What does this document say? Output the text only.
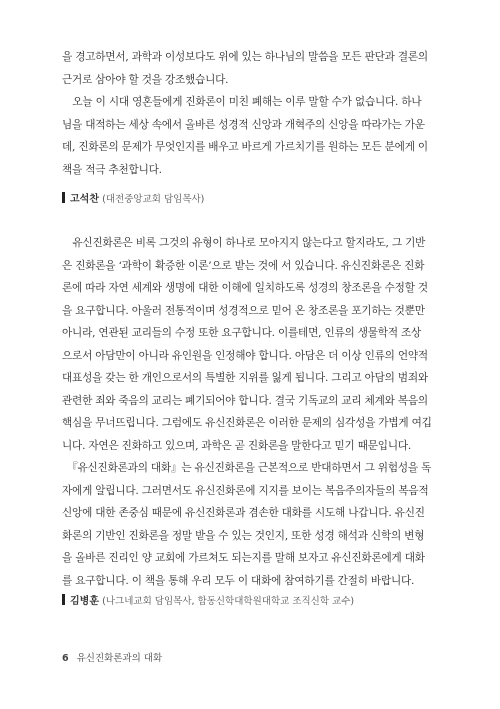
을 경고하면서, 과학과 이성보다도 위에 있는 하나님의 말씀을 모든 판단과 결론의
근거로 삼아야 할 것을 강조했습니다.
　오늘 이 시대 영혼들에게 진화론이 미친 폐해는 이루 말할 수가 없습니다. 하나
님을 대적하는 세상 속에서 올바른 성경적 신앙과 개혁주의 신앙을 따라가는 가운
데, 진화론의 문제가 무엇인지를 배우고 바르게 가르치기를 원하는 모든 분에게 이
책을 적극 추천합니다.
고석찬 (대전중앙교회 담임목사)
　유신진화론은 비록 그것의 유형이 하나로 모아지지 않는다고 할지라도, 그 기반
은 진화론을 ‘과학이 확증한 이론’으로 받는 것에 서 있습니다. 유신진화론은 진화
론에 따라 자연 세계와 생명에 대한 이해에 일치하도록 성경의 창조론을 수정할 것
을 요구합니다. 아울러 전통적이며 성경적으로 믿어 온 창조론을 포기하는 것뿐만
아니라, 연관된 교리들의 수정 또한 요구합니다. 이를테면, 인류의 생물학적 조상
으로서 아담만이 아니라 유인원을 인정해야 합니다. 아담은 더 이상 인류의 언약적
대표성을 갖는 한 개인으로서의 특별한 지위를 잃게 됩니다. 그리고 아담의 범죄와
관련한 죄와 죽음의 교리는 폐기되어야 합니다. 결국 기독교의 교리 체계와 복음의
핵심을 무너뜨립니다. 그럼에도 유신진화론은 이러한 문제의 심각성을 가볍게 여깁
니다. 자연은 진화하고 있으며, 과학은 곧 진화론을 말한다고 믿기 때문입니다.
　『유신진화론과의 대화』는 유신진화론을 근본적으로 반대하면서 그 위험성을 독
자에게 알립니다. 그러면서도 유신진화론에 지지를 보이는 복음주의자들의 복음적
신앙에 대한 존중심 때문에 유신진화론과 겸손한 대화를 시도해 나갑니다. 유신진
화론의 기반인 진화론을 정말 받을 수 있는 것인지, 또한 성경 해석과 신학의 변형
을 올바른 진리인 양 교회에 가르쳐도 되는지를 말해 보자고 유신진화론에게 대화
를 요구합니다. 이 책을 통해 우리 모두 이 대화에 참여하기를 간절히 바랍니다.
김병훈 (나그네교회 담임목사, 합동신학대학원대학교 조직신학 교수)
6 유신진화론과의 대화
